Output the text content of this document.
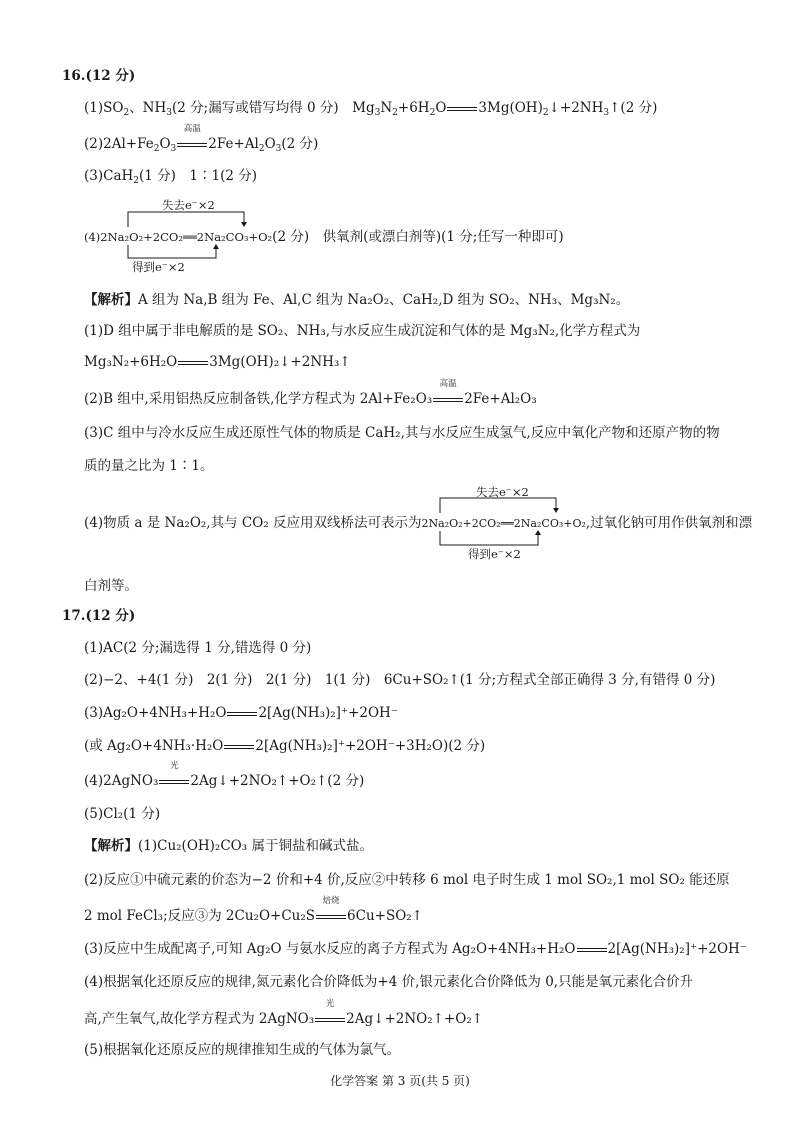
16.(12 分)
$(1)SO_2$、$NH_3(2$ 分;漏写或错写均得 0 分)　$Mg_3N_2+6H_2O$ $3Mg(OH)_2↓+2NH_3↑(2$ 分)
$(2)2Al+Fe_2O_3$
高温
$2Fe+Al_2O_3(2$ 分)
(3)CaH$_2$(1 分)　1∶1(2 分)
失去e⁻×2
(4)2Na₂O₂+2CO₂══2Na₂CO₃+O₂(2 分)　供氧剂(或漂白剂等)(1 分;任写一种即可)
得到e⁻×2
【解析】A 组为 Na,B 组为 Fe、Al,C 组为 Na₂O₂、CaH₂,D 组为 SO₂、NH₃、Mg₃N₂。
(1)D 组中属于非电解质的是 SO₂、NH₃,与水反应生成沉淀和气体的是 Mg₃N₂,化学方程式为
Mg₃N₂+6H₂O 3Mg(OH)₂↓+2NH₃↑
(2)B 组中,采用铝热反应制备铁,化学方程式为 2Al+Fe₂O₃
高温
2Fe+Al₂O₃
(3)C 组中与冷水反应生成还原性气体的物质是 CaH₂,其与水反应生成氢气,反应中氧化产物和还原产物的物
质的量之比为 1∶1。
失去e⁻×2
(4)物质 a 是 Na₂O₂,其与 CO₂ 反应用双线桥法可表示为2Na₂O₂+2CO₂══2Na₂CO₃+O₂,过氧化钠可用作供氧剂和漂
得到e⁻×2
白剂等。
17.(12 分)
(1)AC(2 分;漏选得 1 分,错选得 0 分)
(2)−2、+4(1 分)　2(1 分)　2(1 分)　1(1 分)　6Cu+SO₂↑(1 分;方程式全部正确得 3 分,有错得 0 分)
(3)Ag₂O+4NH₃+H₂O 2[Ag(NH₃)₂]⁺+2OH⁻
(或 Ag₂O+4NH₃·H₂O 2[Ag(NH₃)₂]⁺+2OH⁻+3H₂O)(2 分)
(4)2AgNO₃
光
2Ag↓+2NO₂↑+O₂↑(2 分)
(5)Cl₂(1 分)
【解析】(1)Cu₂(OH)₂CO₃ 属于铜盐和碱式盐。
(2)反应①中硫元素的价态为−2 价和+4 价,反应②中转移 6 mol 电子时生成 1 mol SO₂,1 mol SO₂ 能还原
2 mol FeCl₃;反应③为 2Cu₂O+Cu₂S
焙烧
6Cu+SO₂↑
(3)反应中生成配离子,可知 Ag₂O 与氨水反应的离子方程式为 Ag₂O+4NH₃+H₂O 2[Ag(NH₃)₂]⁺+2OH⁻
(4)根据氧化还原反应的规律,氮元素化合价降低为+4 价,银元素化合价降低为 0,只能是氧元素化合价升
高,产生氧气,故化学方程式为 2AgNO₃
光
2Ag↓+2NO₂↑+O₂↑
(5)根据氧化还原反应的规律推知生成的气体为氯气。
化学答案 第 3 页(共 5 页)
